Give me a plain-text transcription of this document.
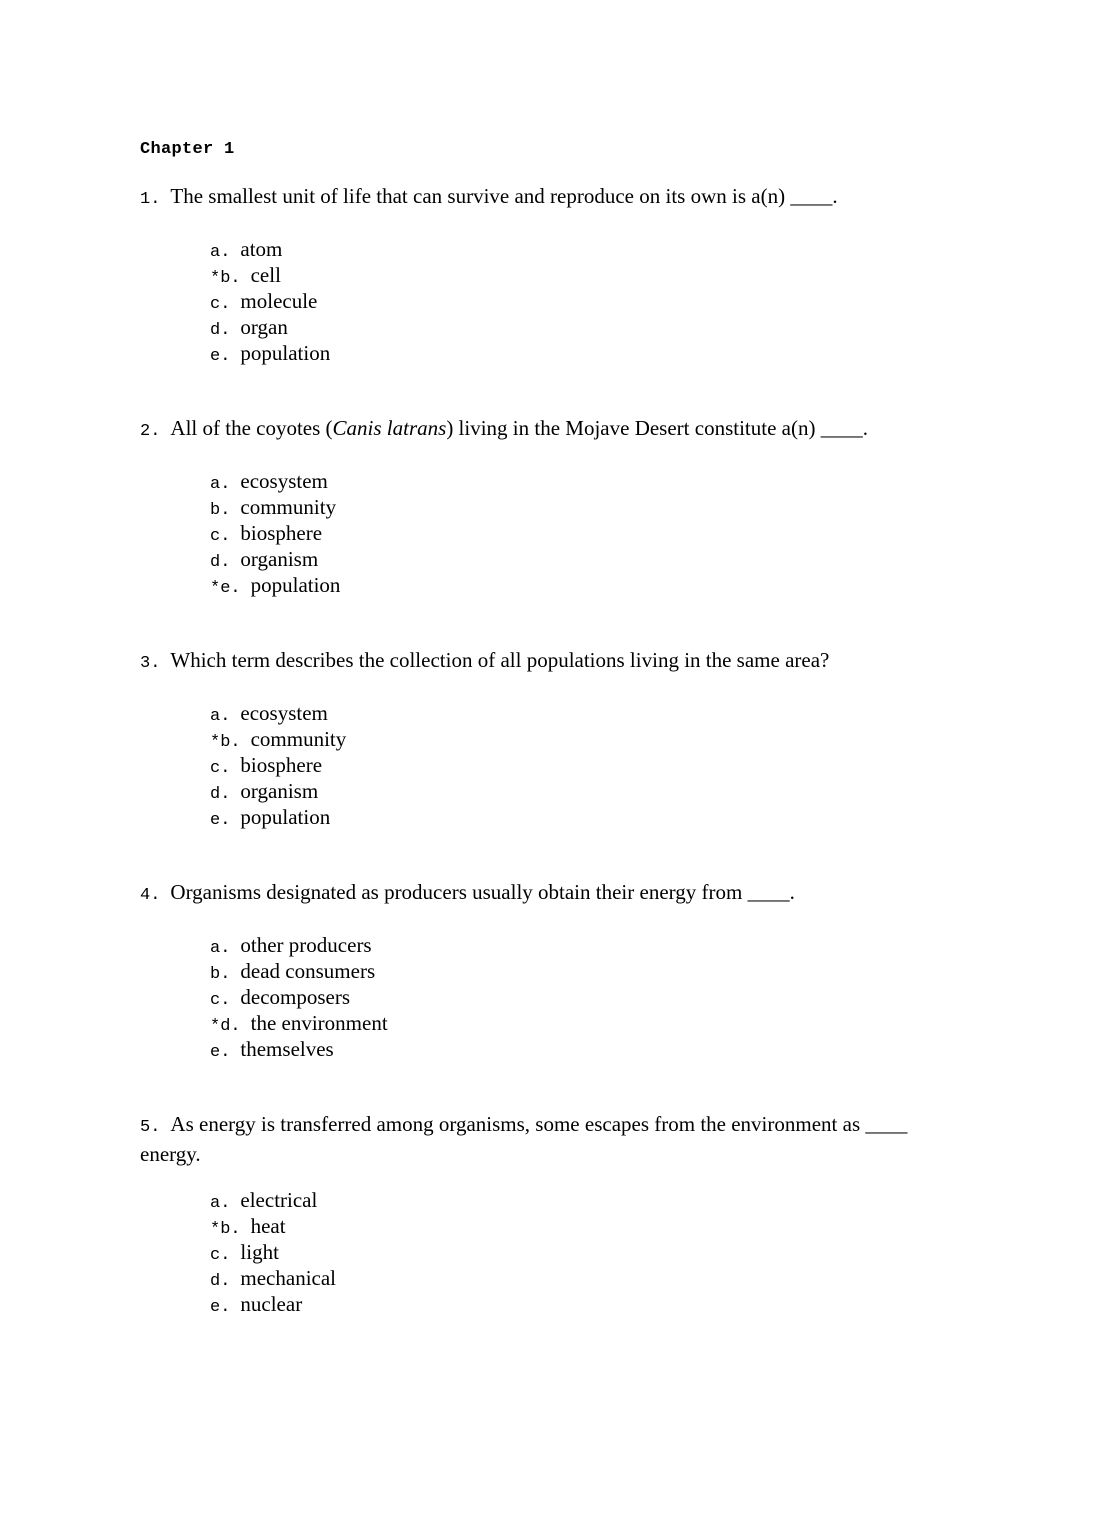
Chapter 1
1. The smallest unit of life that can survive and reproduce on its own is a(n) ____.
a. atom
*b. cell
c. molecule
d. organ
e. population
2. All of the coyotes (Canis latrans) living in the Mojave Desert constitute a(n) ____.
a. ecosystem
b. community
c. biosphere
d. organism
*e. population
3. Which term describes the collection of all populations living in the same area?
a. ecosystem
*b. community
c. biosphere
d. organism
e. population
4. Organisms designated as producers usually obtain their energy from ____.
a. other producers
b. dead consumers
c. decomposers
*d. the environment
e. themselves
5. As energy is transferred among organisms, some escapes from the environment as ____ energy.
a. electrical
*b. heat
c. light
d. mechanical
e. nuclear
